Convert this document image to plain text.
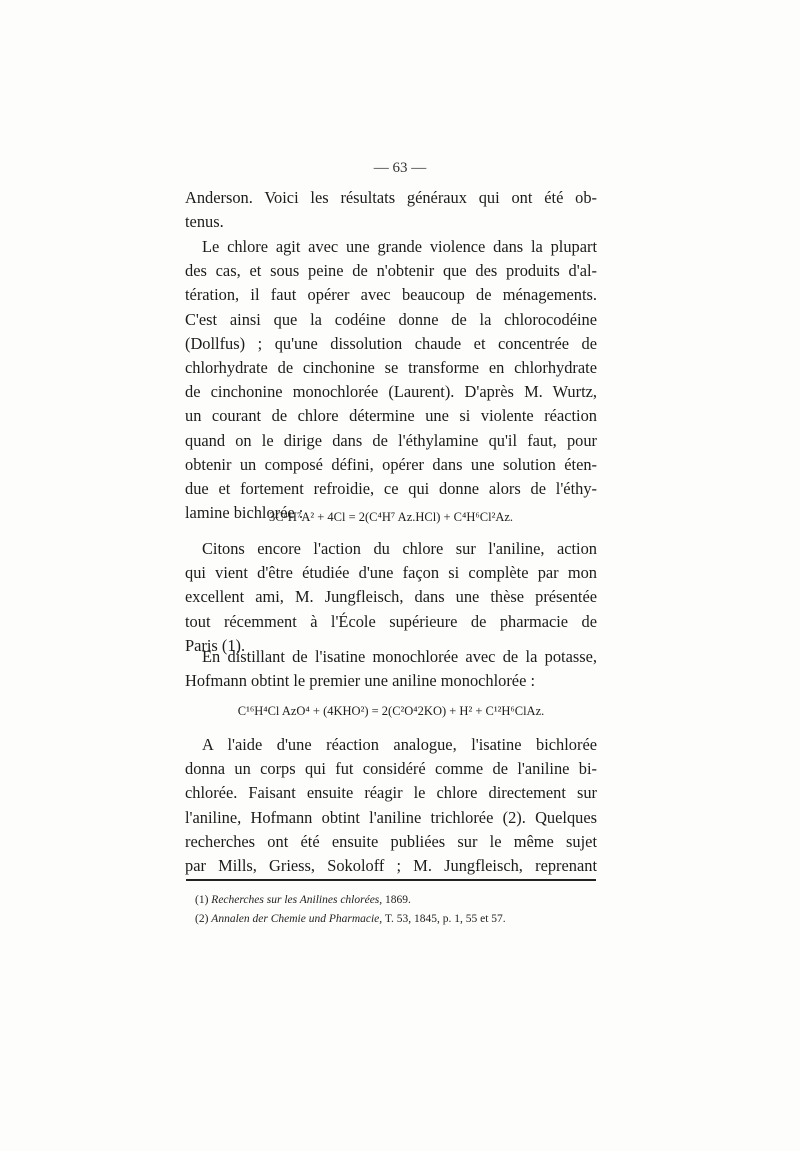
— 63 —
Anderson. Voici les résultats généraux qui ont été ob-
tenus.
Le chlore agit avec une grande violence dans la plupart
des cas, et sous peine de n'obtenir que des produits d'al-
tération, il faut opérer avec beaucoup de ménagements.
C'est ainsi que la codéine donne de la chlorocodéine
(Dollfus) ; qu'une dissolution chaude et concentrée de
chlorhydrate de cinchonine se transforme en chlorhydrate
de cinchonine monochlorée (Laurent). D'après M. Wurtz,
un courant de chlore détermine une si violente réaction
quand on le dirige dans de l'éthylamine qu'il faut, pour
obtenir un composé défini, opérer dans une solution éten-
due et fortement refroidie, ce qui donne alors de l'éthy-
lamine bichlorée :
3C⁴H⁷A² + 4Cl = 2(C⁴H⁷ Az.HCl) + C⁴H⁶Cl²Az.
Citons encore l'action du chlore sur l'aniline, action
qui vient d'être étudiée d'une façon si complète par mon
excellent ami, M. Jungfleisch, dans une thèse présentée
tout récemment à l'École supérieure de pharmacie de
Paris (1).
En distillant de l'isatine monochlorée avec de la potasse,
Hofmann obtint le premier une aniline monochlorée :
C¹⁶H⁴Cl AzO⁴ + (4KHO²) = 2(C²O⁴2KO) + H² + C¹²H⁶ClAz.
A l'aide d'une réaction analogue, l'isatine bichlorée
donna un corps qui fut considéré comme de l'aniline bi-
chlorée. Faisant ensuite réagir le chlore directement sur
l'aniline, Hofmann obtint l'aniline trichlorée (2). Quelques
recherches ont été ensuite publiées sur le même sujet
par Mills, Griess, Sokoloff ; M. Jungfleisch, reprenant
(1) Recherches sur les Anilines chlorées, 1869.
(2) Annalen der Chemie und Pharmacie, T. 53, 1845, p. 1, 55 et 57.
